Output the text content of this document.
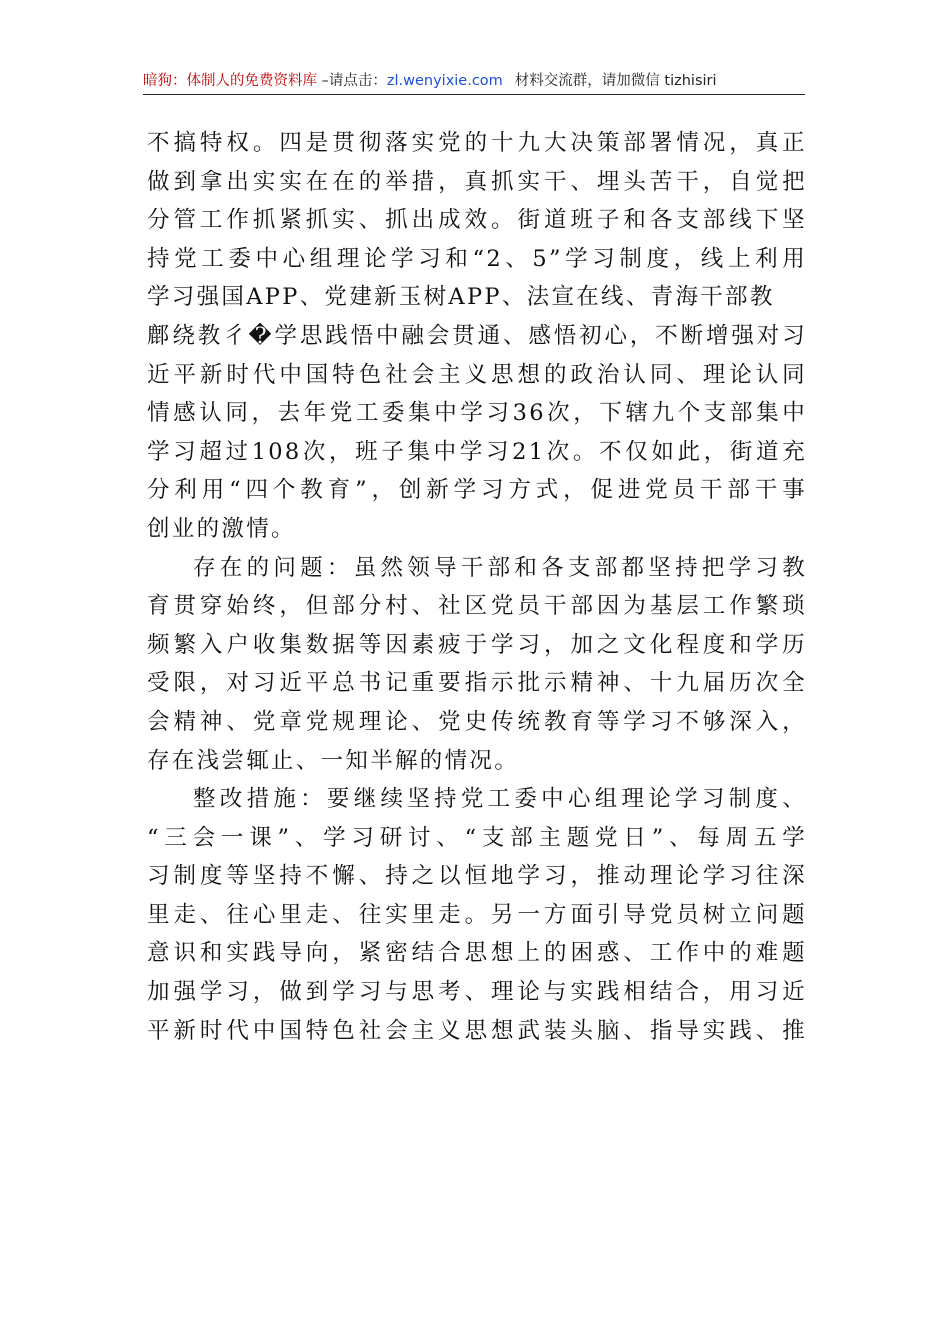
暗狗：体制人的免费资料库 –请点击：zl.wenyixie.com 材料交流群，请加微信 tizhisiri
不搞特权。四是贯彻落实党的十九大决策部署情况，真正
做到拿出实实在在的举措，真抓实干、埋头苦干，自觉把
分管工作抓紧抓实、抓出成效。街道班子和各支部线下坚
持党工委中心组理论学习和“2、5”学习制度，线上利用
学习强国APP、党建新玉树APP、法宣在线、青海干部教
鄜绕教彳�学思践悟中融会贯通、感悟初心，不断增强对习
近平新时代中国特色社会主义思想的政治认同、理论认同
情感认同，去年党工委集中学习36次，下辖九个支部集中
学习超过108次，班子集中学习21次。不仅如此，街道充
分利用“四个教育”，创新学习方式，促进党员干部干事
创业的激情。
存在的问题：虽然领导干部和各支部都坚持把学习教
育贯穿始终，但部分村、社区党员干部因为基层工作繁琐
频繁入户收集数据等因素疲于学习，加之文化程度和学历
受限，对习近平总书记重要指示批示精神、十九届历次全
会精神、党章党规理论、党史传统教育等学习不够深入，
存在浅尝辄止、一知半解的情况。
整改措施：要继续坚持党工委中心组理论学习制度、
“三会一课”、学习研讨、“支部主题党日”、每周五学
习制度等坚持不懈、持之以恒地学习，推动理论学习往深
里走、往心里走、往实里走。另一方面引导党员树立问题
意识和实践导向，紧密结合思想上的困惑、工作中的难题
加强学习，做到学习与思考、理论与实践相结合，用习近
平新时代中国特色社会主义思想武装头脑、指导实践、推
